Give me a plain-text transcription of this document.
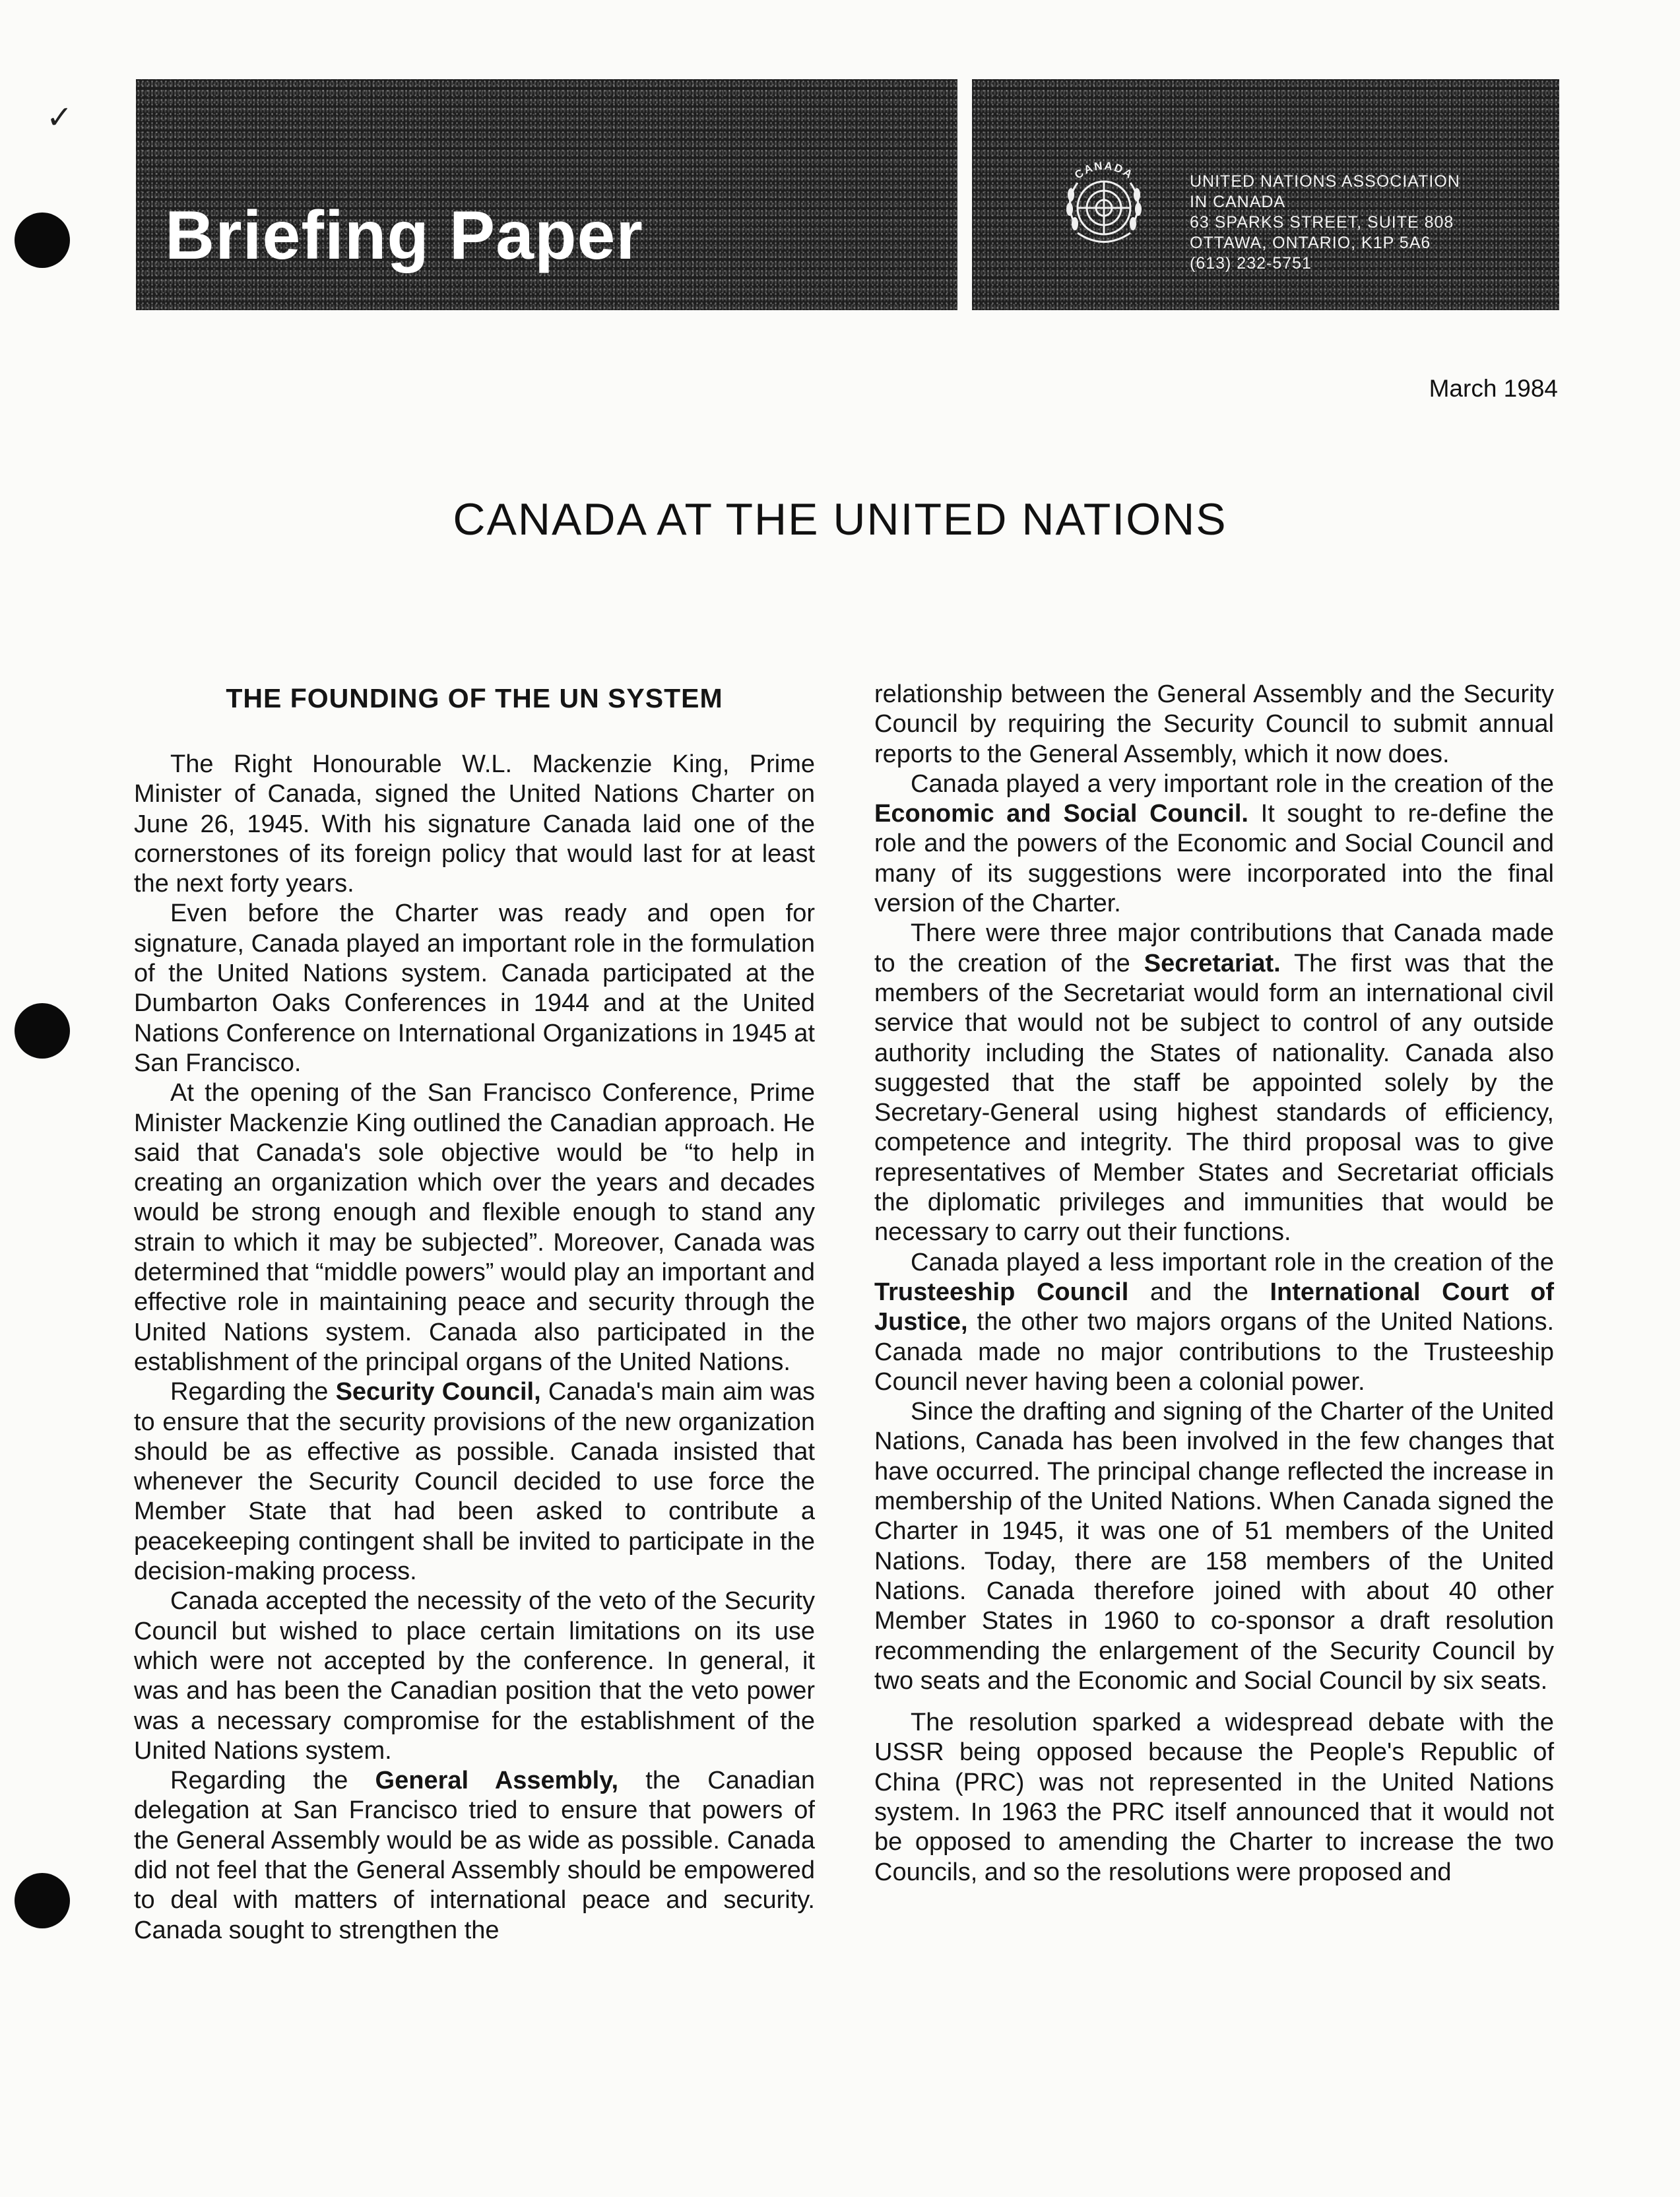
✓
Briefing Paper
CANADA	UNITED NATIONS ASSOCIATION
IN CANADA
63 SPARKS STREET, SUITE 808
OTTAWA, ONTARIO, K1P 5A6
(613) 232-5751
March 1984
CANADA AT THE UNITED NATIONS
THE FOUNDING OF THE UN SYSTEM

The Right Honourable W.L. Mackenzie King, Prime Minister of Canada, signed the United Nations Charter on June 26, 1945. With his signature Canada laid one of the cornerstones of its foreign policy that would last for at least the next forty years.

Even before the Charter was ready and open for signature, Canada played an important role in the formulation of the United Nations system. Canada participated at the Dumbarton Oaks Conferences in 1944 and at the United Nations Conference on International Organizations in 1945 at San Francisco.

At the opening of the San Francisco Conference, Prime Minister Mackenzie King outlined the Canadian approach. He said that Canada's sole objective would be “to help in creating an organization which over the years and decades would be strong enough and flexible enough to stand any strain to which it may be subjected”. Moreover, Canada was determined that “middle powers” would play an important and effective role in maintaining peace and security through the United Nations system. Canada also participated in the establishment of the principal organs of the United Nations.

Regarding the Security Council, Canada's main aim was to ensure that the security provisions of the new organization should be as effective as possible. Canada insisted that whenever the Security Council decided to use force the Member State that had been asked to contribute a peacekeeping contingent shall be invited to participate in the decision-making process.

Canada accepted the necessity of the veto of the Security Council but wished to place certain limitations on its use which were not accepted by the conference. In general, it was and has been the Canadian position that the veto power was a necessary compromise for the establishment of the United Nations system.

Regarding the General Assembly, the Canadian delegation at San Francisco tried to ensure that powers of the General Assembly would be as wide as possible. Canada did not feel that the General Assembly should be empowered to deal with matters of international peace and security. Canada sought to strengthen the

relationship between the General Assembly and the Security Council by requiring the Security Council to submit annual reports to the General Assembly, which it now does.

Canada played a very important role in the creation of the Economic and Social Council. It sought to re-define the role and the powers of the Economic and Social Council and many of its suggestions were incorporated into the final version of the Charter.

There were three major contributions that Canada made to the creation of the Secretariat. The first was that the members of the Secretariat would form an international civil service that would not be subject to control of any outside authority including the States of nationality. Canada also suggested that the staff be appointed solely by the Secretary-General using highest standards of efficiency, competence and integrity. The third proposal was to give representatives of Member States and Secretariat officials the diplomatic privileges and immunities that would be necessary to carry out their functions.

Canada played a less important role in the creation of the Trusteeship Council and the International Court of Justice, the other two majors organs of the United Nations. Canada made no major contributions to the Trusteeship Council never having been a colonial power.

Since the drafting and signing of the Charter of the United Nations, Canada has been involved in the few changes that have occurred. The principal change reflected the increase in membership of the United Nations. When Canada signed the Charter in 1945, it was one of 51 members of the United Nations. Today, there are 158 members of the United Nations. Canada therefore joined with about 40 other Member States in 1960 to co-sponsor a draft resolution recommending the enlargement of the Security Council by two seats and the Economic and Social Council by six seats.

The resolution sparked a widespread debate with the USSR being opposed because the People's Republic of China (PRC) was not represented in the United Nations system. In 1963 the PRC itself announced that it would not be opposed to amending the Charter to increase the two Councils, and so the resolutions were proposed and
